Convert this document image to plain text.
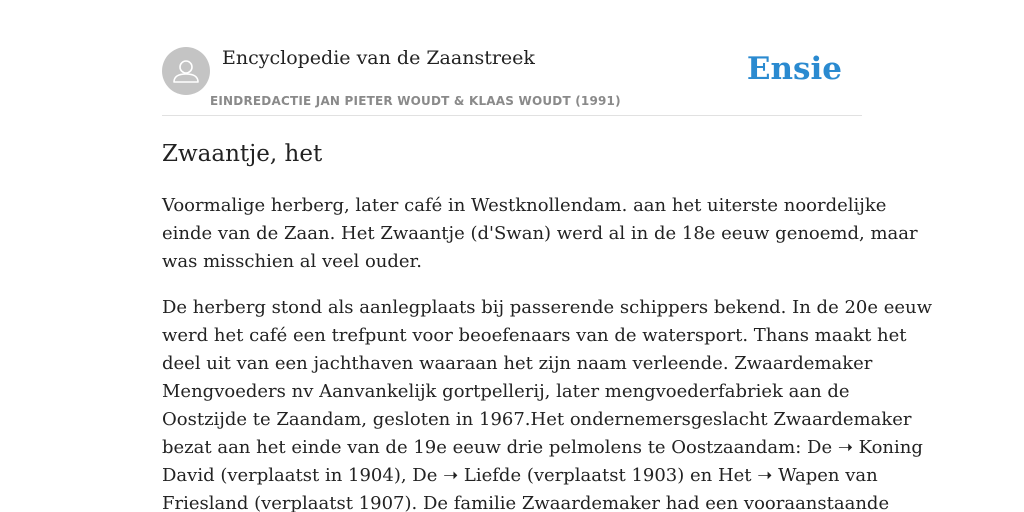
Encyclopedie van de Zaanstreek
EINDREDACTIE JAN PIETER WOUDT & KLAAS WOUDT (1991)
Ensie
Zwaantje, het

Voormalige herberg, later café in Westknollendam. aan het uiterste noordelijke
einde van de Zaan. Het Zwaantje (d'Swan) werd al in de 18e eeuw genoemd, maar
was misschien al veel ouder.

De herberg stond als aanlegplaats bij passerende schippers bekend. In de 20e eeuw
werd het café een trefpunt voor beoefenaars van de watersport. Thans maakt het
deel uit van een jachthaven waaraan het zijn naam verleende. Zwaardemaker
Mengvoeders nv Aanvankelijk gortpellerij, later mengvoederfabriek aan de
Oostzijde te Zaandam, gesloten in 1967.Het ondernemersgeslacht Zwaardemaker
bezat aan het einde van de 19e eeuw drie pelmolens te Oostzaandam: De ➝ Koning
David (verplaatst in 1904), De ➝ Liefde (verplaatst 1903) en Het ➝ Wapen van
Friesland (verplaatst 1907). De familie Zwaardemaker had een vooraanstaande
